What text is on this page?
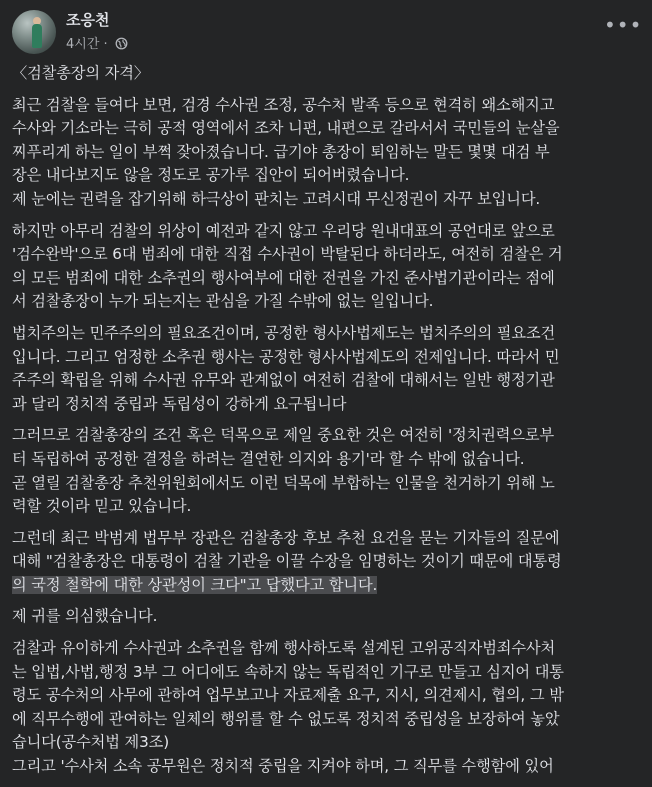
조응천
4시간 ·
•••
〈검찰총장의 자격〉
최근 검찰을 들여다 보면, 검경 수사권 조정, 공수처 발족 등으로 현격히 왜소해지고
수사와 기소라는 극히 공적 영역에서 조차 니편, 내편으로 갈라서서 국민들의 눈살을
찌푸리게 하는 일이 부쩍 잦아졌습니다. 급기야 총장이 퇴임하는 말든 몇몇 대검 부
장은 내다보지도 않을 정도로 공가루 집안이 되어버렸습니다.
제 눈에는 권력을 잡기위해 하극상이 판치는 고려시대 무신정권이 자꾸 보입니다.
하지만 아무리 검찰의 위상이 예전과 같지 않고 우리당 원내대표의 공언대로 앞으로
'검수완박'으로 6대 범죄에 대한 직접 수사권이 박탈된다 하더라도, 여전히 검찰은 거
의 모든 범죄에 대한 소추권의 행사여부에 대한 전권을 가진 준사법기관이라는 점에
서 검찰총장이 누가 되는지는 관심을 가질 수밖에 없는 일입니다.
법치주의는 민주주의의 필요조건이며, 공정한 형사사법제도는 법치주의의 필요조건
입니다. 그리고 엄정한 소추권 행사는 공정한 형사사법제도의 전제입니다. 따라서 민
주주의 확립을 위해 수사권 유무와 관계없이 여전히 검찰에 대해서는 일반 행정기관
과 달리 정치적 중립과 독립성이 강하게 요구됩니다
그러므로 검찰총장의 조건 혹은 덕목으로 제일 중요한 것은 여전히 '정치권력으로부
터 독립하여 공정한 결정을 하려는 결연한 의지와 용기'라 할 수 밖에 없습니다.
곧 열릴 검찰총장 추천위원회에서도 이런 덕목에 부합하는 인물을 천거하기 위해 노
력할 것이라 믿고 있습니다.
그런데 최근 박범계 법무부 장관은 검찰총장 후보 추천 요건을 묻는 기자들의 질문에
대해 "검찰총장은 대통령이 검찰 기관을 이끌 수장을 임명하는 것이기 때문에 대통령
의 국정 철학에 대한 상관성이 크다"고 답했다고 합니다.
제 귀를 의심했습니다.
검찰과 유이하게 수사권과 소추권을 함께 행사하도록 설계된 고위공직자범죄수사처
는 입법,사법,행정 3부 그 어디에도 속하지 않는 독립적인 기구로 만들고 심지어 대통
령도 공수처의 사무에 관하여 업무보고나 자료제출 요구, 지시, 의견제시, 협의, 그 밖
에 직무수행에 관여하는 일체의 행위를 할 수 없도록 정치적 중립성을 보장하여 놓았
습니다(공수처법 제3조)
그리고 '수사처 소속 공무원은 정치적 중립을 지켜야 하며, 그 직무를 수행함에 있어
